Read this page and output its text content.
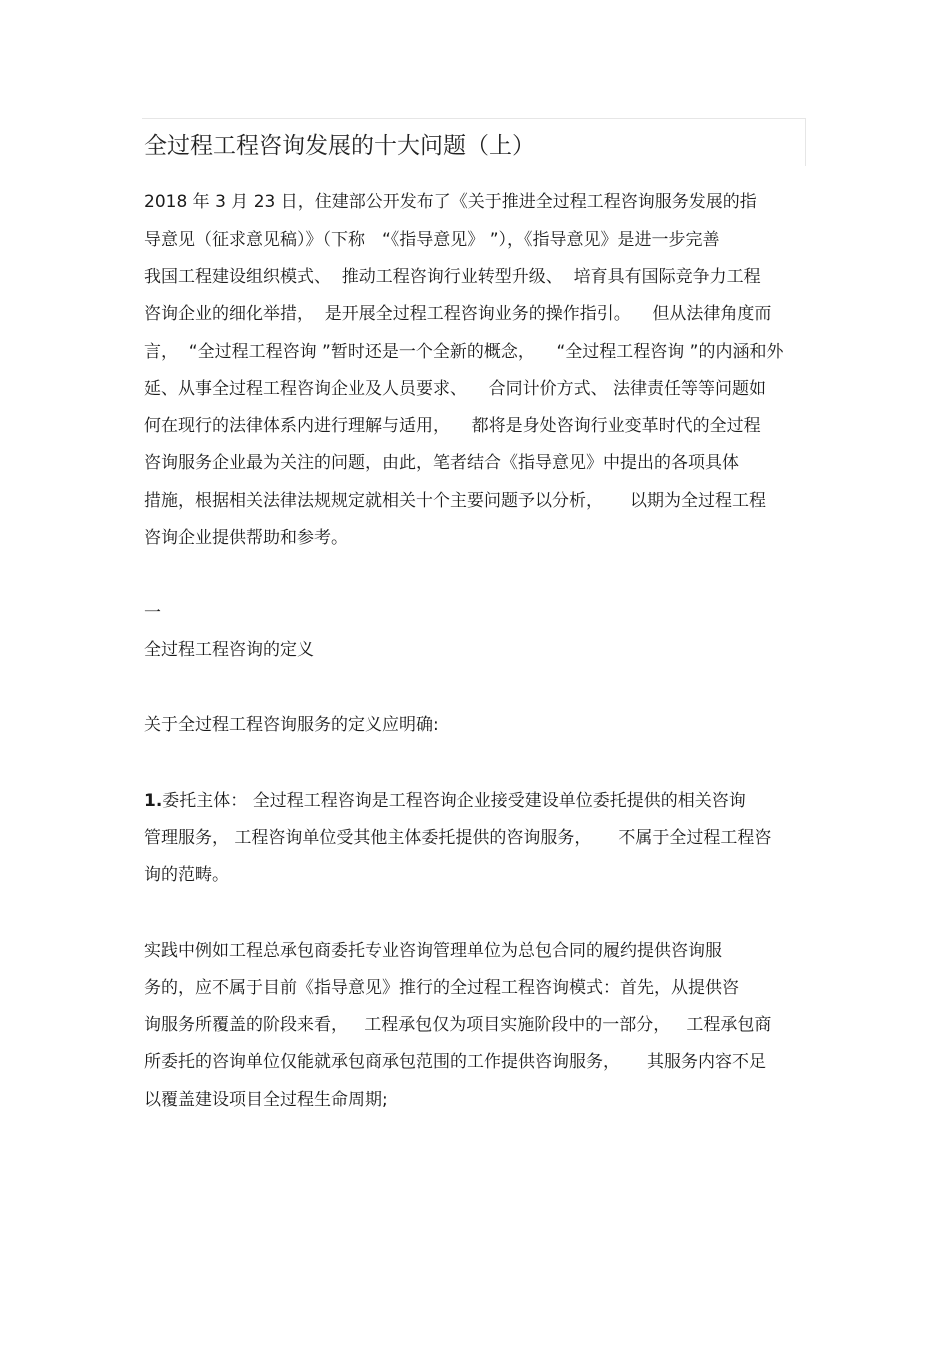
全过程工程咨询发展的十大问题（上）
2018 年 3 月 23 日，住建部公开发布了《关于推进全过程工程咨询服务发展的指
导意见（征求意见稿）》（下称　“《指导意见》 ”），《指导意见》是进一步完善
我国工程建设组织模式、  推动工程咨询行业转型升级、  培育具有国际竞争力工程
咨询企业的细化举措，  是开展全过程工程咨询业务的操作指引。    但从法律角度而
言，  “全过程工程咨询 ”暂时还是一个全新的概念，    “全过程工程咨询 ”的内涵和外
延、从事全过程工程咨询企业及人员要求、    合同计价方式、 法律责任等等问题如
何在现行的法律体系内进行理解与适用，    都将是身处咨询行业变革时代的全过程
咨询服务企业最为关注的问题，由此，笔者结合《指导意见》中提出的各项具体
措施，根据相关法律法规规定就相关十个主要问题予以分析，     以期为全过程工程
咨询企业提供帮助和参考。
一
全过程工程咨询的定义
关于全过程工程咨询服务的定义应明确:
1.委托主体： 全过程工程咨询是工程咨询企业接受建设单位委托提供的相关咨询
管理服务， 工程咨询单位受其他主体委托提供的咨询服务，     不属于全过程工程咨
询的范畴。
实践中例如工程总承包商委托专业咨询管理单位为总包合同的履约提供咨询服
务的，应不属于目前《指导意见》推行的全过程工程咨询模式：首先，从提供咨
询服务所覆盖的阶段来看，   工程承包仅为项目实施阶段中的一部分，   工程承包商
所委托的咨询单位仅能就承包商承包范围的工作提供咨询服务，     其服务内容不足
以覆盖建设项目全过程生命周期;
